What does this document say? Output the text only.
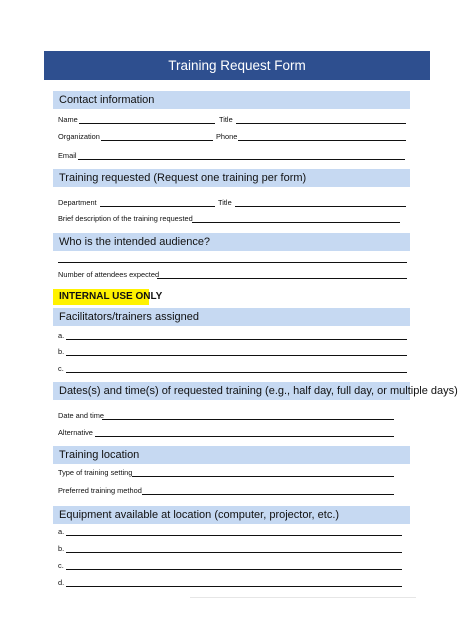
Training Request Form
Contact information
Name	Title
Organization	Phone
Email
Training requested (Request one training per form)
Department	Title
Brief description of the training requested
Who is the intended audience?
Number of attendees expected
INTERNAL USE ONLY
Facilitators/trainers assigned
a.
b.
c.
Dates(s) and time(s) of requested training (e.g., half day, full day, or multiple days)
Date and time
Alternative
Training location
Type of training setting
Preferred training method
Equipment available at location (computer, projector, etc.)
a.
b.
c.
d.
